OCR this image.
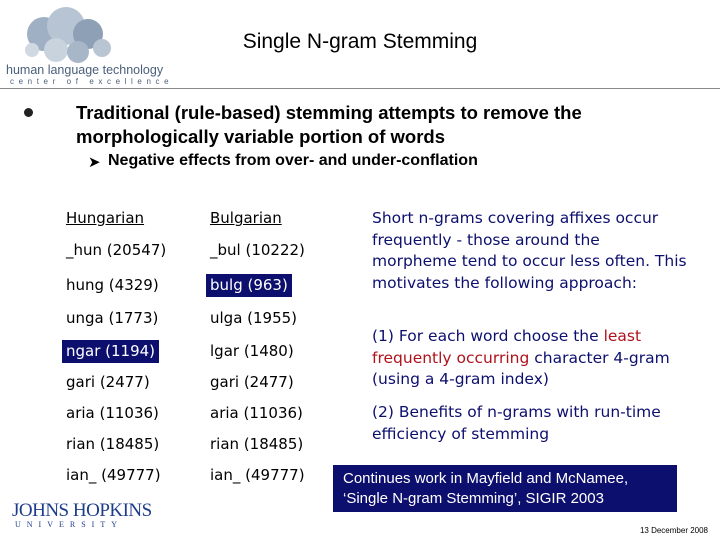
human language technology
center of excellence
Single N-gram Stemming
Traditional (rule-based) stemming attempts to remove the morphologically variable portion of words
➤ Negative effects from over- and under-conflation
Hungarian	Bulgarian
_hun (20547)	_bul (10222)
hung (4329)	bulg (963)
unga (1773)	ulga (1955)
ngar (1194)	lgar (1480)
gari (2477)	gari (2477)
aria (11036)	aria (11036)
rian (18485)	rian (18485)
ian_ (49777)	ian_ (49777)
Short n-grams covering affixes occur frequently - those around the morpheme tend to occur less often. This motivates the following approach:
(1) For each word choose the least frequently occurring character 4-gram (using a 4-gram index)
(2) Benefits of n-grams with run-time efficiency of stemming
Continues work in Mayfield and McNamee, ‘Single N-gram Stemming’, SIGIR 2003
13 December 2008
JOHNS HOPKINS
UNIVERSITY
